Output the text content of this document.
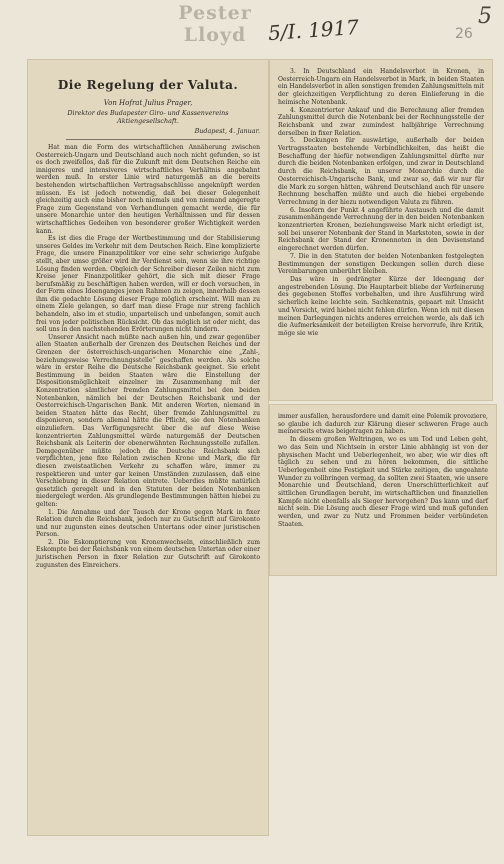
Pester Lloyd	5/I. 1917	26
5
Die Regelung der Valuta.
Von Hofrat Julius Prager,
Direktor des Budapester Giro- und Kassenvereins Aktiengesellschaft.
Budapest, 4. Januar.

Hat man die Form des wirtschaftlichen Annäherung zwischen Oesterreich-Ungarn und Deutschland auch noch nicht gefunden, so ist es doch zweifellos, daß für die Zukunft mit dem Deutschen Reiche ein innigeres und intensiveres wirtschaftliches Verhältnis angebahnt werden muß. In erster Linie wird naturgemäß an die bereits bestehenden wirtschaftlichen Vertragsabschlüsse angeknüpft werden müssen. Es ist jedoch notwendig, daß bei dieser Gelegenheit gleichzeitig auch eine bisher noch niemals und von niemand angeregte Frage zum Gegenstand von Verhandlungen gemacht werde, die für unsere Monarchie unter den heutigen Verhältnissen und für dessen wirtschaftliches Gedeihen von besonderer großer Wichtigkeit werden kann.

Es ist dies die Frage der Wertbestimmung und der Stabilisierung unseres Geldes im Verkehr mit dem Deutschen Reich. Eine komplizierte Frage, die unsere Finanzpolitiker vor eine sehr schwierige Aufgabe stellt, aber umso größer wird ihr Verdienst sein, wenn sie ihre richtige Lösung finden werden. Obgleich der Schreiber dieser Zeilen nicht zum Kreise jener Finanzpolitiker gehört, die sich mit dieser Frage berufsmäßig zu beschäftigen haben werden, will er doch versuchen, in der Form eines Ideenganges jenen Rahmen zu zeigen, innerhalb dessen ihm die gedachte Lösung dieser Frage möglich erscheint. Will man zu einem Ziele gelangen, so darf man diese Frage nur streng fachlich behandeln, also im et studio, unparteiisch und unbefangen, somit auch frei von jeder politischen Rücksicht. Ob das möglich ist oder nicht, das soll uns in den nachstehenden Erörterungen nicht hindern.

Unserer Ansicht nach müßte nach außen hin, und zwar gegenüber allen Staaten außerhalb der Grenzen des Deutschen Reiches und der Grenzen der österreichisch-ungarischen Monarchie eine „Zahl-, beziehungsweise Verrechnungsstelle“ geschaffen werden. Als solche wäre in erster Reihe die Deutsche Reichsbank geeignet. Sie erlebt Bestimmung in beiden Staaten wäre die Einstellung der Dispositionsmöglichkeit einzelner im Zusammenhang mit der Konzentration sämtlicher fremden Zahlungsmittel bei den beiden Notenbanken, nämlich bei der Deutschen Reichsbank und der Oesterreichisch-Ungarischen Bank. Mit anderen Worten, niemand in beiden Staaten hätte das Recht, über fremde Zahlungsmittel zu disponieren, sondern allemal hätte die Pflicht, sie den Notenbanken einzuliefern. Das Verfügungsrecht über die auf diese Weise konzentrierten Zahlungsmittel würde naturgemäß der Deutschen Reichsbank als Leiterin der obenerwähnten Rechnungsstelle zufallen. Demgegenüber müßte jedoch die Deutsche Reichsbank sich verpflichten, jene fixe Relation zwischen Krone und Mark, die für diesen zweistaatlichen Verkehr zu schaffen wäre, immer zu respektieren und unter gar keinen Umständen zuzulassen, daß eine Verschiebung in dieser Relation eintrete. Ueberdies müßte natürlich gesetzlich geregelt und in den Statuten der beiden Notenbanken niedergelegt werden. Als grundlegende Bestimmungen hätten hiebei zu gelten:

1. Die Annahme und der Tausch der Krone gegen Mark in fixer Relation durch die Reichsbank, jedoch nur zu Gutschrift auf Girokonto und nur zugunsten eines deutschen Untertans oder einer juristischen Person.

2. Die Eskomptierung von Kronenwechseln, einschließlich zum Eskompte bei der Reichsbank von einem deutschen Untertan oder einer juristischen Person in fixer Relation zur Gutschrift auf Girokonto zugunsten des Einreichers.

3. In Deutschland ein Handelsverbot in Kronen, in Oesterreich-Ungarn ein Handelsverbot in Mark, in beiden Staaten ein Handelsverbot in allen sonstigen fremden Zahlungsmitteln mit der gleichzeitigen Verpflichtung zu deren Einlieferung in die heimische Notenbank.

4. Konzentrierter Ankauf und die Berechnung aller fremden Zahlungsmittel durch die Notenbank bei der Rechnungsstelle der Reichsbank und zwar zumindest halbjährige Verrechnung derselben in fixer Relation.

5. Deckungen für auswärtige, außerhalb der beiden Vertragsstaaten bestehende Verbindlichkeiten, das heißt die Beschaffung der hiefür notwendigen Zahlungsmittel dürfte nur durch die beiden Notenbanken erfolgen, und zwar in Deutschland durch die Reichsbank, in unserer Monarchie durch die Oesterreichisch-Ungarische Bank, und zwar so, daß wir nur für die Mark zu sorgen hätten, während Deutschland auch für unsere Rechnung beschaffen müßte und auch die hiebei ergebende Verrechnung in der hiezu notwendigen Valuta zu führen.

6. Insofern der Punkt 4 angeführte Austausch und die damit zusammenhängende Verrechnung der in den beiden Notenbanken konzentrierten Kronen, beziehungsweise Mark nicht erledigt ist, soll bei unserer Notenbank der Stand in Markstoten, sowie in der Reichsbank der Stand der Kronennoten in den Devisenstand eingerechnet werden dürfen.

7. Die in den Statuten der beiden Notenbanken festgelegten Bestimmungen der sonstigen Deckungen sollen durch diese Vereinbarungen unberührt bleiben.

Das wäre in gedrängter Kürze der Ideengang der angestrebenden Lösung. Die Hauptarbeit bliebe der Verfeinerung des gegebenen Stoffes vorbehalten, und ihre Ausführung wird sicherlich keine leichte sein. Sachkenntnis, gepaart mit Umsicht und Vorsicht, wird hiebei nicht fehlen dürfen. Wenn ich mit diesen meinen Darlegungen nichts anderes erreichen werde, als daß ich die Aufmerksamkeit der beteiligten Kreise hervorrufe, ihre Kritik, möge sie wie

immer ausfallen, herausfordere und damit eine Polemik provoziere, so glaube ich dadurch zur Klärung dieser schweren Frage auch meinerseits etwas beigetragen zu haben.

In diesem großen Weltringen, wo es um Tod und Leben geht, wo das Sein und Nichtsein in erster Linie abhängig ist von der physischen Macht und Ueberlegenheit, wo aber, wie wir dies oft täglich zu sehen und zu hören bekommen, die sittliche Ueberlegenheit eine Festigkeit und Stärke zeitigen, die ungeahnte Wunder zu vollbringen vermag, da sollten zwei Staaten, wie unsere Monarchie und Deutschland, deren Unerschütterlichkeit auf sittlichen Grundlagen beruht, im wirtschaftlichen und finanziellen Kampfe nicht ebenfalls als Sieger hervorgehen? Das kann und darf nicht sein. Die Lösung auch dieser Frage wird und muß gefunden werden, und zwar zu Nutz und Frommen beider verbündeten Staaten.
